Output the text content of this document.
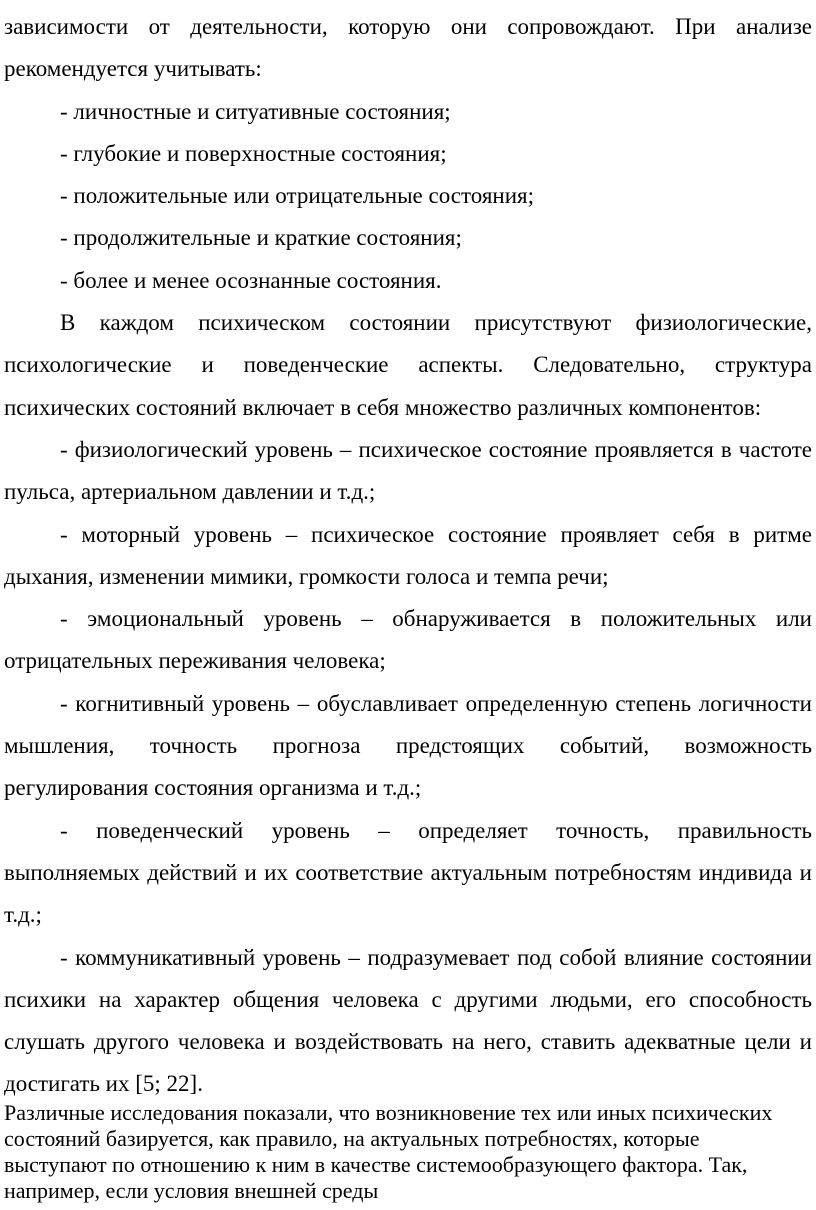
зависимости от деятельности, которую они сопровождают. При анализе рекомендуется учитывать:

- личностные и ситуативные состояния;

- глубокие и поверхностные состояния;

- положительные или отрицательные состояния;

- продолжительные и краткие состояния;

- более и менее осознанные состояния.

В каждом психическом состоянии присутствуют физиологические, психологические и поведенческие аспекты. Следовательно, структура психических состояний включает в себя множество различных компонентов:

- физиологический уровень – психическое состояние проявляется в частоте пульса, артериальном давлении и т.д.;

- моторный уровень – психическое состояние проявляет себя в ритме дыхания, изменении мимики, громкости голоса и темпа речи;

- эмоциональный уровень – обнаруживается в положительных или отрицательных переживания человека;

- когнитивный уровень – обуславливает определенную степень логичности мышления, точность прогноза предстоящих событий, возможность регулирования состояния организма и т.д.;

- поведенческий уровень – определяет точность, правильность выполняемых действий и их соответствие актуальным потребностям индивида и т.д.;

- коммуникативный уровень – подразумевает под собой влияние состоянии психики на характер общения человека с другими людьми, его способность слушать другого человека и воздействовать на него, ставить адекватные цели и достигать их [5; 22].

Различные исследования показали, что возникновение тех или иных психических состояний базируется, как правило, на актуальных потребностях, которые выступают по отношению к ним в качестве системообразующего фактора. Так, например, если условия внешней среды
